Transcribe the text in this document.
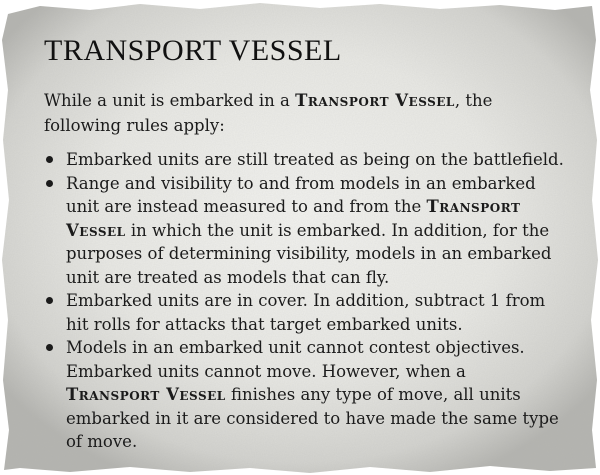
TRANSPORT VESSEL

While a unit is embarked in a Transport Vessel, the following rules apply:

Embarked units are still treated as being on the battlefield.
Range and visibility to and from models in an embarked unit are instead measured to and from the Transport Vessel in which the unit is embarked. In addition, for the purposes of determining visibility, models in an embarked unit are treated as models that can fly.
Embarked units are in cover. In addition, subtract 1 from hit rolls for attacks that target embarked units.
Models in an embarked unit cannot contest objectives. Embarked units cannot move. However, when a Transport Vessel finishes any type of move, all units embarked in it are considered to have made the same type of move.
